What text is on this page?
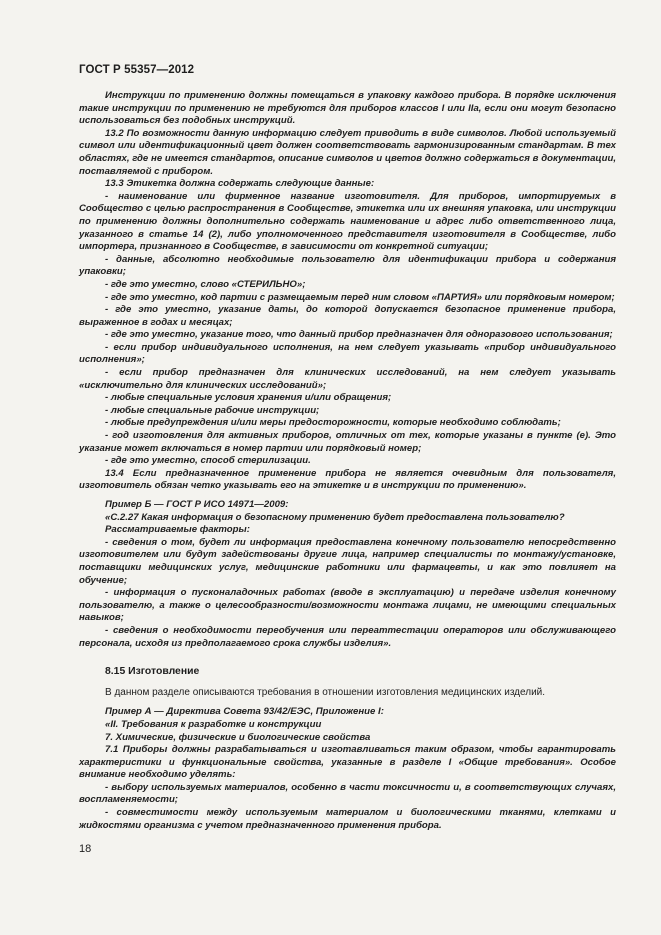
ГОСТ Р 55357—2012

Инструкции по применению должны помещаться в упаковку каждого прибора. В порядке исключения такие инструкции по применению не требуются для приборов классов I или IIa, если они могут безопасно использоваться без подобных инструкций.

13.2 По возможности данную информацию следует приводить в виде символов. Любой используемый символ или идентификационный цвет должен соответствовать гармонизированным стандартам. В тех областях, где не имеется стандартов, описание символов и цветов должно содержаться в документации, поставляемой с прибором.

13.3 Этикетка должна содержать следующие данные:

- наименование или фирменное название изготовителя. Для приборов, импортируемых в Сообщество с целью распространения в Сообществе, этикетка или их внешняя упаковка, или инструкции по применению должны дополнительно содержать наименование и адрес либо ответственного лица, указанного в статье 14 (2), либо уполномоченного представителя изготовителя в Сообществе, либо импортера, признанного в Сообществе, в зависимости от конкретной ситуации;

- данные, абсолютно необходимые пользователю для идентификации прибора и содержания упаковки;

- где это уместно, слово «СТЕРИЛЬНО»;

- где это уместно, код партии с размещаемым перед ним словом «ПАРТИЯ» или порядковым номером;

- где это уместно, указание даты, до которой допускается безопасное применение прибора, выраженное в годах и месяцах;

- где это уместно, указание того, что данный прибор предназначен для одноразового использования;

- если прибор индивидуального исполнения, на нем следует указывать «прибор индивидуального исполнения»;

- если прибор предназначен для клинических исследований, на нем следует указывать «исключительно для клинических исследований»;

- любые специальные условия хранения и/или обращения;

- любые специальные рабочие инструкции;

- любые предупреждения и/или меры предосторожности, которые необходимо соблюдать;

- год изготовления для активных приборов, отличных от тех, которые указаны в пункте (е). Это указание может включаться в номер партии или порядковый номер;

- где это уместно, способ стерилизации.

13.4 Если предназначенное применение прибора не является очевидным для пользователя, изготовитель обязан четко указывать его на этикетке и в инструкции по применению».

Пример Б — ГОСТ Р ИСО 14971—2009:

«С.2.27 Какая информация о безопасному применению будет предоставлена пользователю?

Рассматриваемые факторы:

- сведения о том, будет ли информация предоставлена конечному пользователю непосредственно изготовителем или будут задействованы другие лица, например специалисты по монтажу/установке, поставщики медицинских услуг, медицинские работники или фармацевты, и как это повлияет на обучение;

- информация о пусконаладочных работах (вводе в эксплуатацию) и передаче изделия конечному пользователю, а также о целесообразности/возможности монтажа лицами, не имеющими специальных навыков;

- сведения о необходимости переобучения или переаттестации операторов или обслуживающего персонала, исходя из предполагаемого срока службы изделия».

8.15 Изготовление

В данном разделе описываются требования в отношении изготовления медицинских изделий.

Пример А — Директива Совета 93/42/ЕЭС, Приложение I:

«II. Требования к разработке и конструкции

7. Химические, физические и биологические свойства

7.1 Приборы должны разрабатываться и изготавливаться таким образом, чтобы гарантировать характеристики и функциональные свойства, указанные в разделе I «Общие требования». Особое внимание необходимо уделять:

- выбору используемых материалов, особенно в части токсичности и, в соответствующих случаях, воспламеняемости;

- совместимости между используемым материалом и биологическими тканями, клетками и жидкостями организма с учетом предназначенного применения прибора.

18
